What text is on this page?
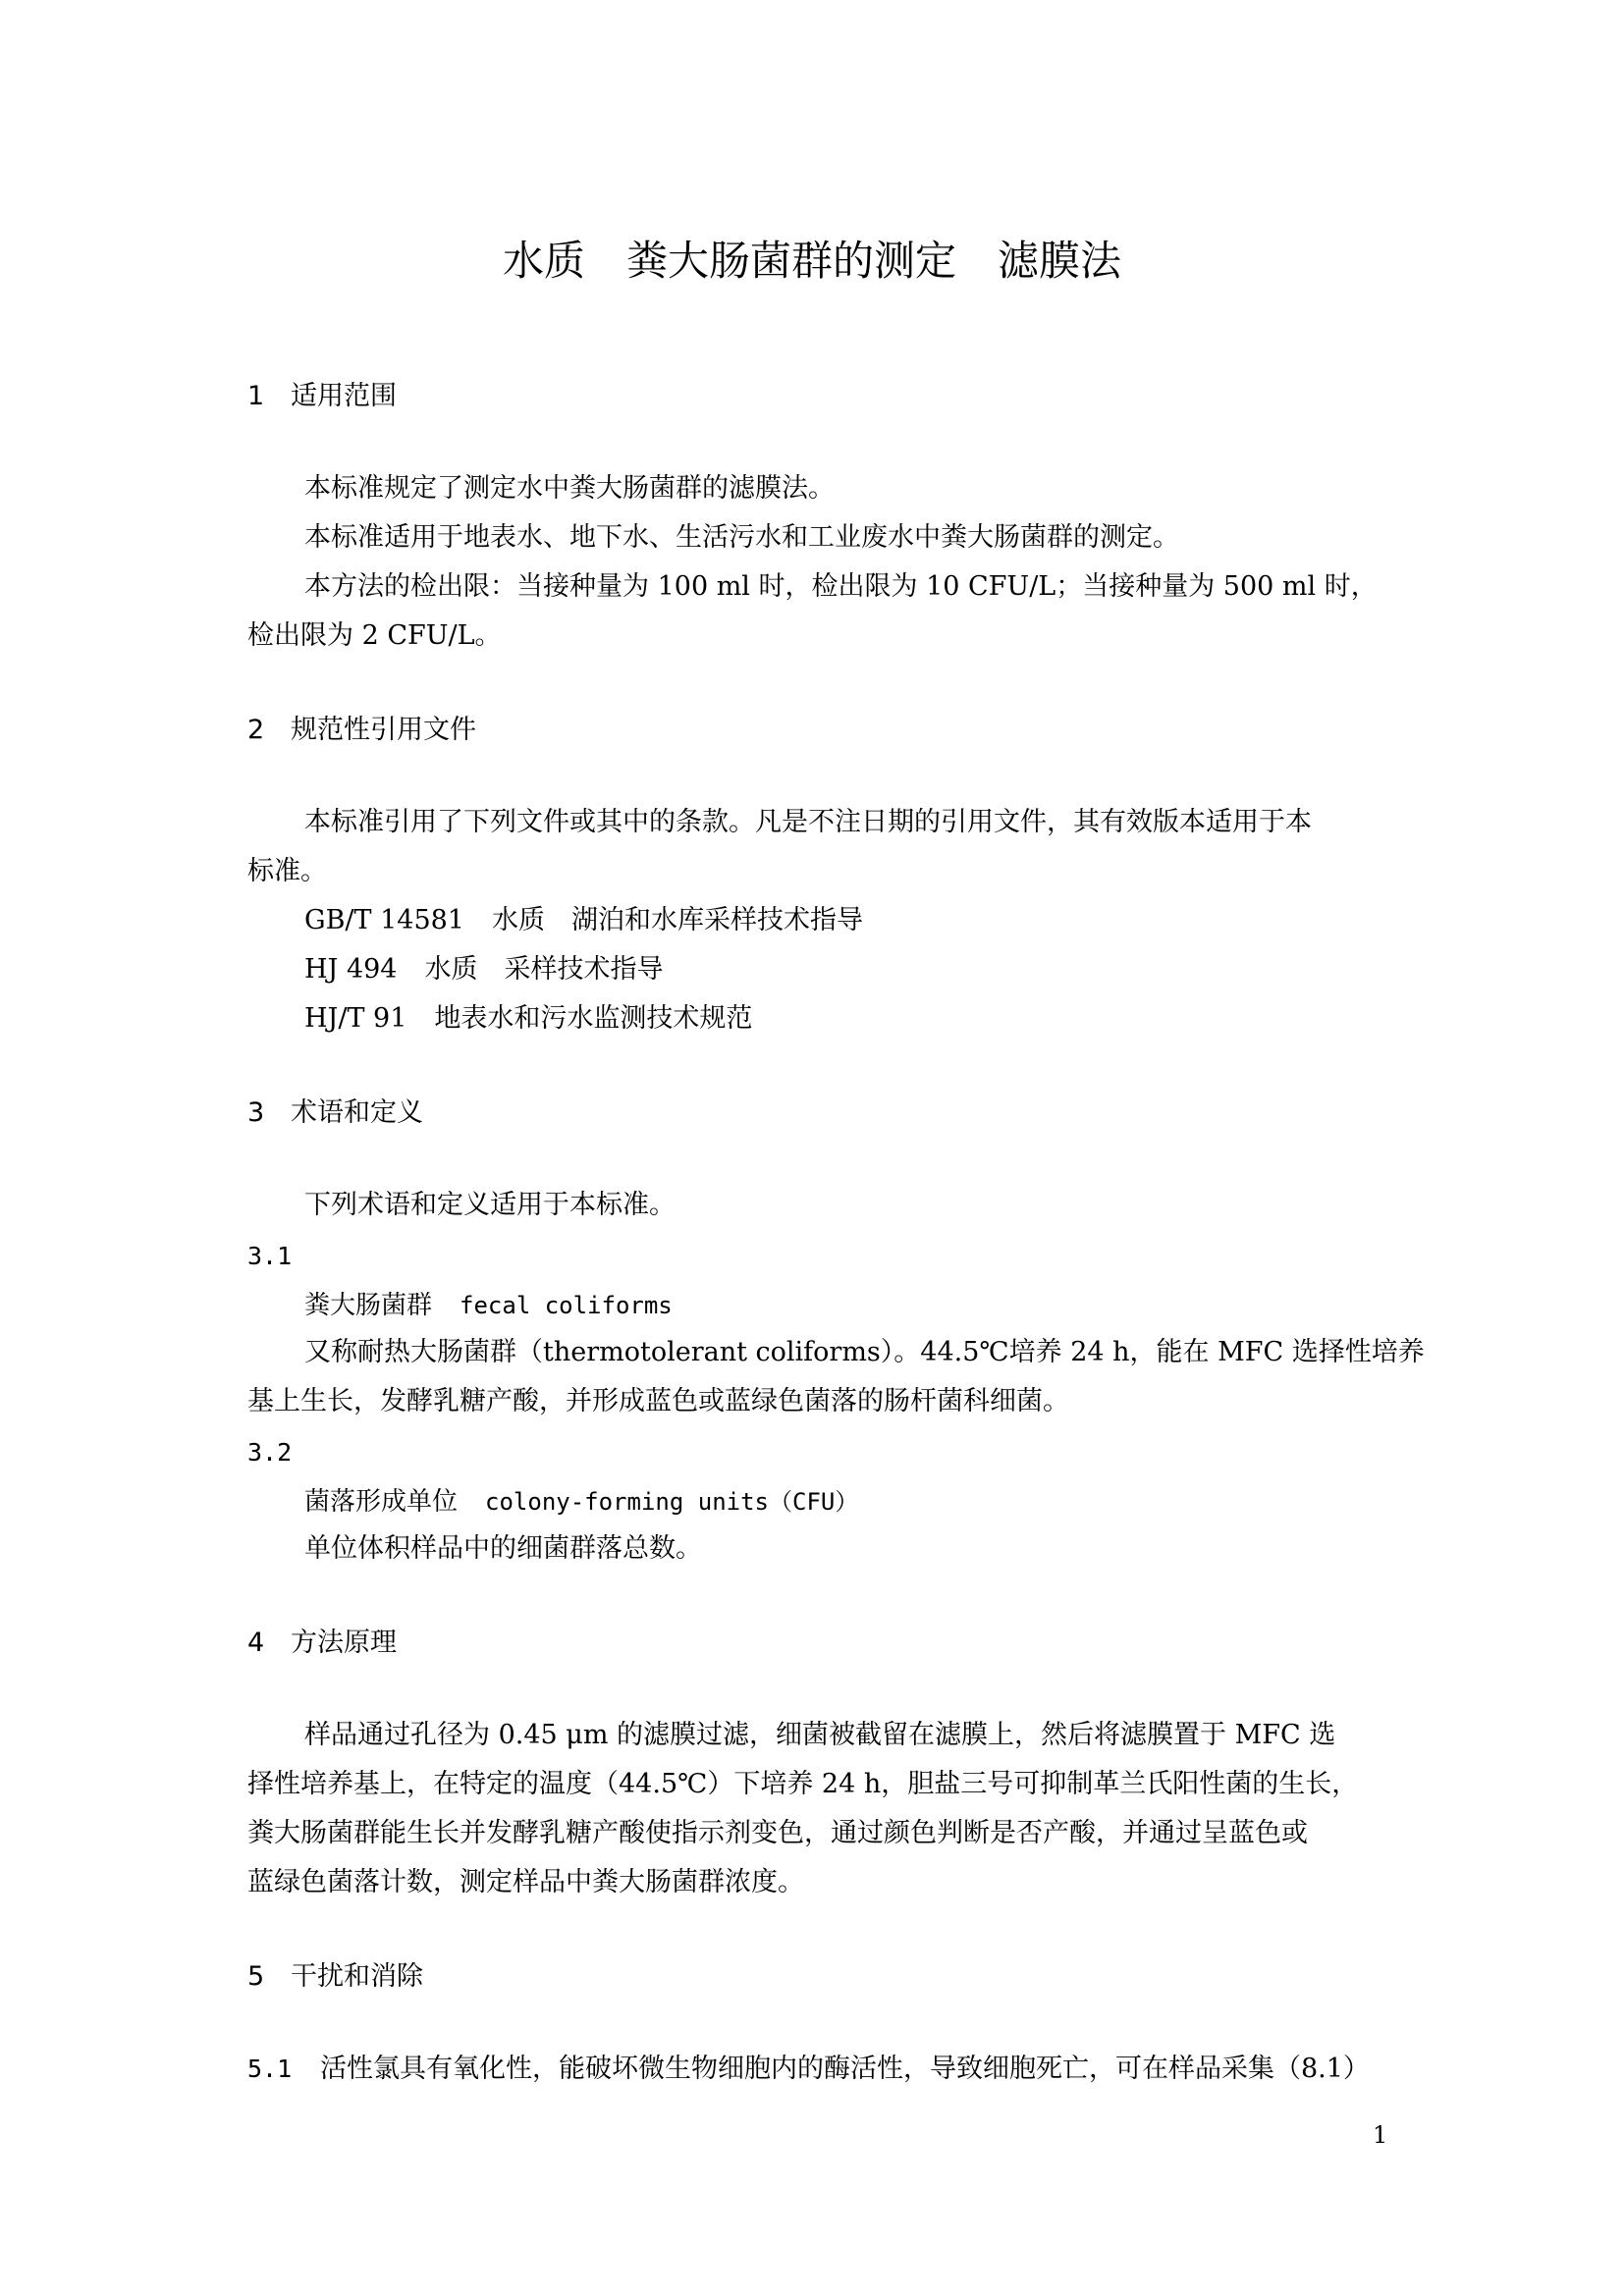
水质　粪大肠菌群的测定　滤膜法
1 适用范围
本标准规定了测定水中粪大肠菌群的滤膜法。
本标准适用于地表水、地下水、生活污水和工业废水中粪大肠菌群的测定。
本方法的检出限：当接种量为 100 ml 时，检出限为 10 CFU/L；当接种量为 500 ml 时，
检出限为 2 CFU/L。
2 规范性引用文件
本标准引用了下列文件或其中的条款。凡是不注日期的引用文件，其有效版本适用于本
标准。
GB/T 14581 水质　湖泊和水库采样技术指导
HJ 494 水质　采样技术指导
HJ/T 91 地表水和污水监测技术规范
3 术语和定义
下列术语和定义适用于本标准。
3.1
粪大肠菌群 fecal coliforms
又称耐热大肠菌群（thermotolerant coliforms）。44.5℃培养 24 h，能在 MFC 选择性培养
基上生长，发酵乳糖产酸，并形成蓝色或蓝绿色菌落的肠杆菌科细菌。
3.2
菌落形成单位 colony-forming units（CFU）
单位体积样品中的细菌群落总数。
4 方法原理
样品通过孔径为 0.45 μm 的滤膜过滤，细菌被截留在滤膜上，然后将滤膜置于 MFC 选
择性培养基上，在特定的温度（44.5℃）下培养 24 h，胆盐三号可抑制革兰氏阳性菌的生长，
粪大肠菌群能生长并发酵乳糖产酸使指示剂变色，通过颜色判断是否产酸，并通过呈蓝色或
蓝绿色菌落计数，测定样品中粪大肠菌群浓度。
5 干扰和消除
5.1 活性氯具有氧化性，能破坏微生物细胞内的酶活性，导致细胞死亡，可在样品采集（8.1）
1
